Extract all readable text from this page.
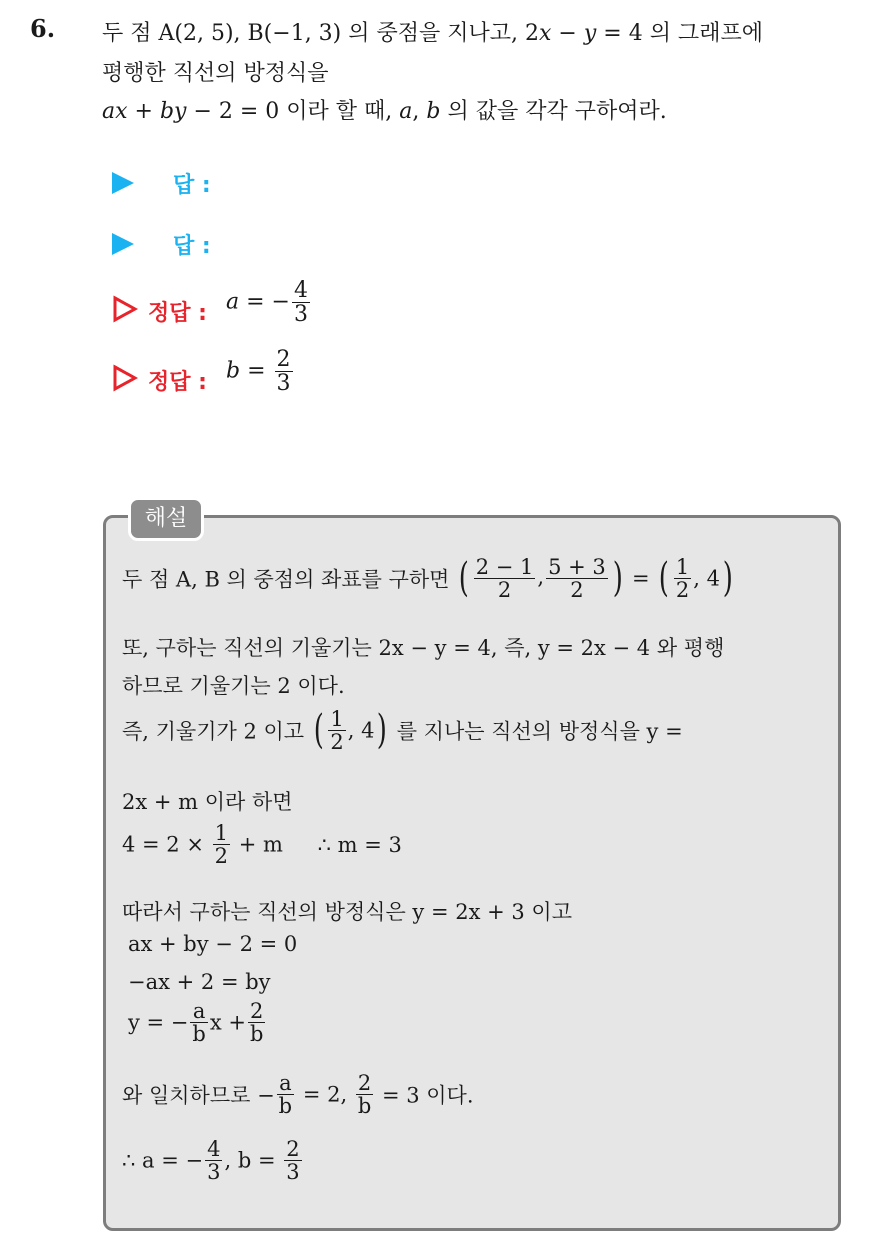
6. 두 점 A(2, 5), B(−1, 3) 의 중점을 지나고, 2x − y = 4 의 그래프에
평행한 직선의 방정식을
ax + by − 2 = 0 이라 할 때, a, b 의 값을 각각 구하여라.
답 :
답 :
정답 : a = − $\frac{4}{3}$
정답 : $b = \frac{2}{3}$
해설
두 점 A, B 의 중점의 좌표를 구하면 ( $\frac{2 - 1}{2}$ , $\frac{5 + 3}{2}$ ) = ( $\frac{1}{2}$ , 4)
또, 구하는 직선의 기울기는 2x − y = 4, 즉, y = 2x − 4 와 평행
하므로 기울기는 2 이다.
즉, 기울기가 2 이고 ( $\frac{1}{2}$ , 4) 를 지나는 직선의 방정식을 y =
2x + m 이라 하면
$4 = 2 \times \frac{1}{2} + m$ ∴ m = 3
따라서 구하는 직선의 방정식은 y = 2x + 3 이고
ax + by − 2 = 0
−ax + 2 = by
y = − $\frac{a}{b}$ $x + \frac{2}{b}$
와 일치하므로 − $\frac{a}{b} = 2$, $\frac{2}{b} = 3$ 이다.
∴ a = − $\frac{4}{3}$ , $b = \frac{2}{3}$
